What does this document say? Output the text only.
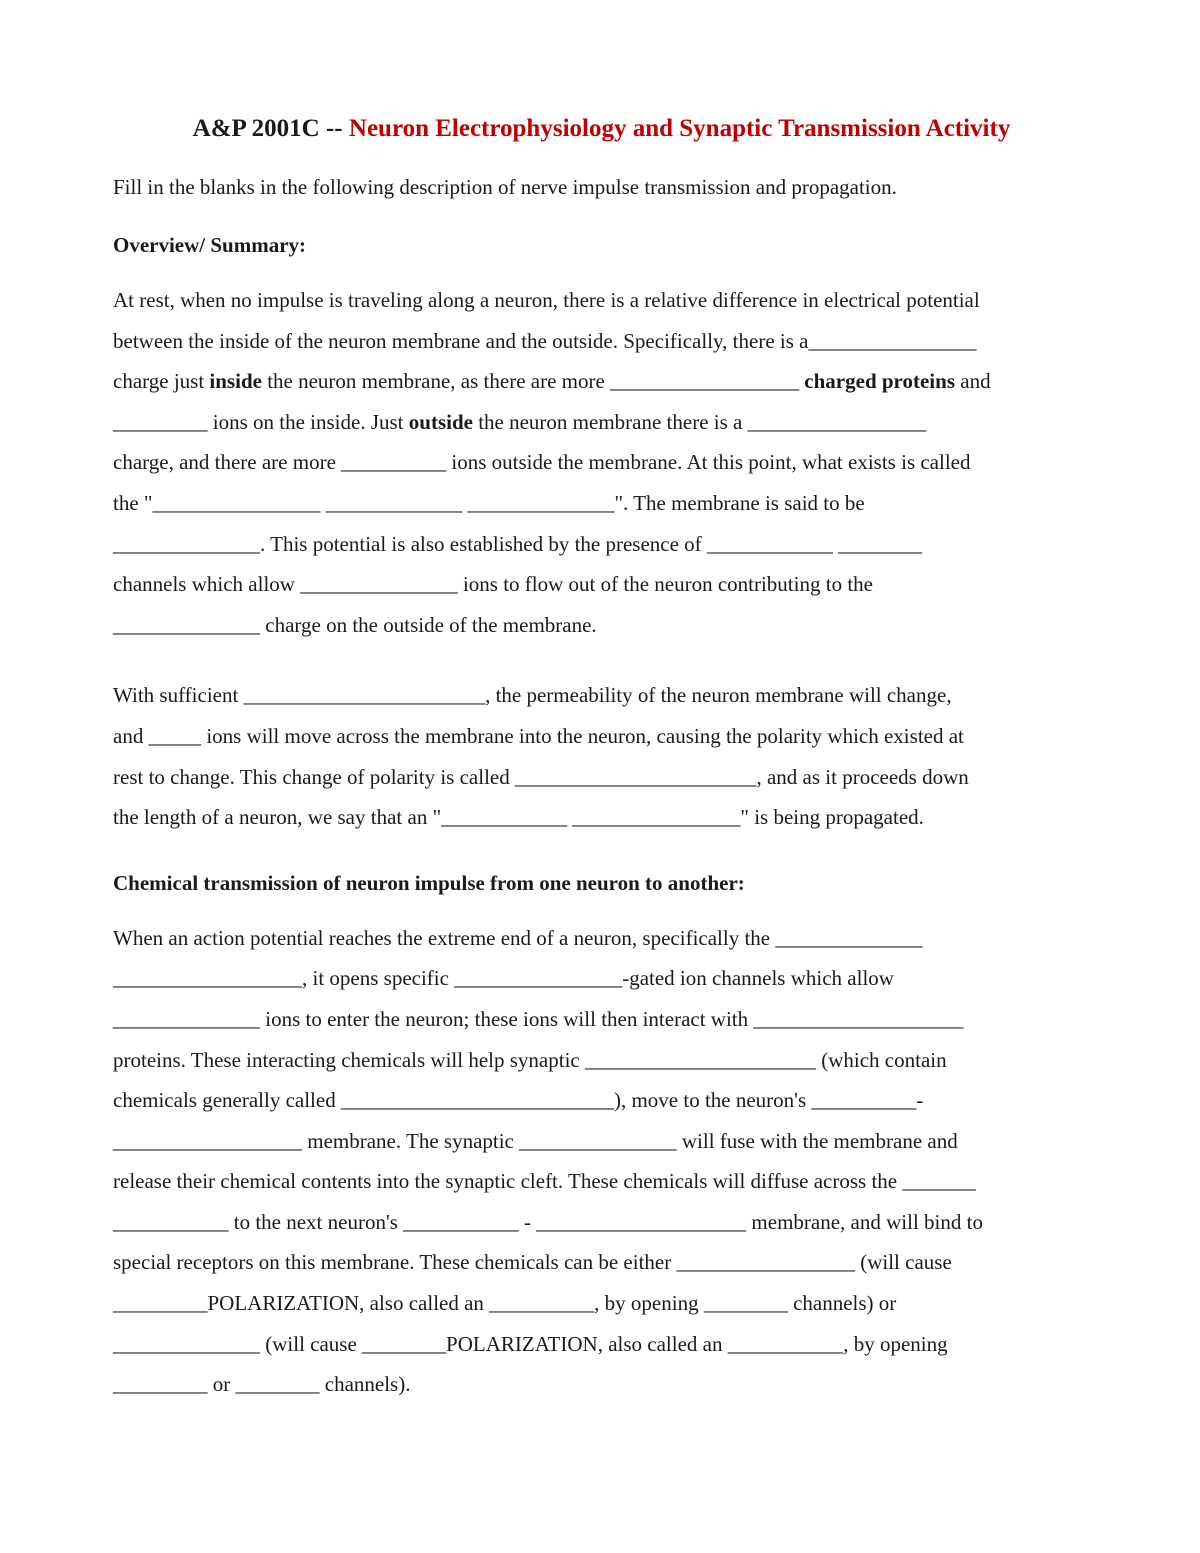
A&P 2001C -- Neuron Electrophysiology and Synaptic Transmission Activity
Fill in the blanks in the following description of nerve impulse transmission and propagation.
Overview/ Summary:
At rest, when no impulse is traveling along a neuron, there is a relative difference in electrical potential
between the inside of the neuron membrane and the outside. Specifically, there is a________________
charge just inside the neuron membrane, as there are more __________________ charged proteins and
_________ ions on the inside. Just outside the neuron membrane there is a _________________
charge, and there are more __________ ions outside the membrane. At this point, what exists is called
the "________________ _____________ ______________". The membrane is said to be
______________. This potential is also established by the presence of ____________ ________
channels which allow _______________ ions to flow out of the neuron contributing to the
______________ charge on the outside of the membrane.
With sufficient _______________________, the permeability of the neuron membrane will change,
and _____ ions will move across the membrane into the neuron, causing the polarity which existed at
rest to change. This change of polarity is called _______________________, and as it proceeds down
the length of a neuron, we say that an "____________ ________________" is being propagated.
Chemical transmission of neuron impulse from one neuron to another:
When an action potential reaches the extreme end of a neuron, specifically the ______________
__________________, it opens specific ________________-gated ion channels which allow
______________ ions to enter the neuron; these ions will then interact with ____________________
proteins. These interacting chemicals will help synaptic ______________________ (which contain
chemicals generally called __________________________), move to the neuron's __________-
__________________ membrane. The synaptic _______________ will fuse with the membrane and
release their chemical contents into the synaptic cleft. These chemicals will diffuse across the _______
___________ to the next neuron's ___________ - ____________________ membrane, and will bind to
special receptors on this membrane. These chemicals can be either _________________ (will cause
_________POLARIZATION, also called an __________, by opening ________ channels) or
______________ (will cause ________POLARIZATION, also called an ___________, by opening
_________ or ________ channels).
